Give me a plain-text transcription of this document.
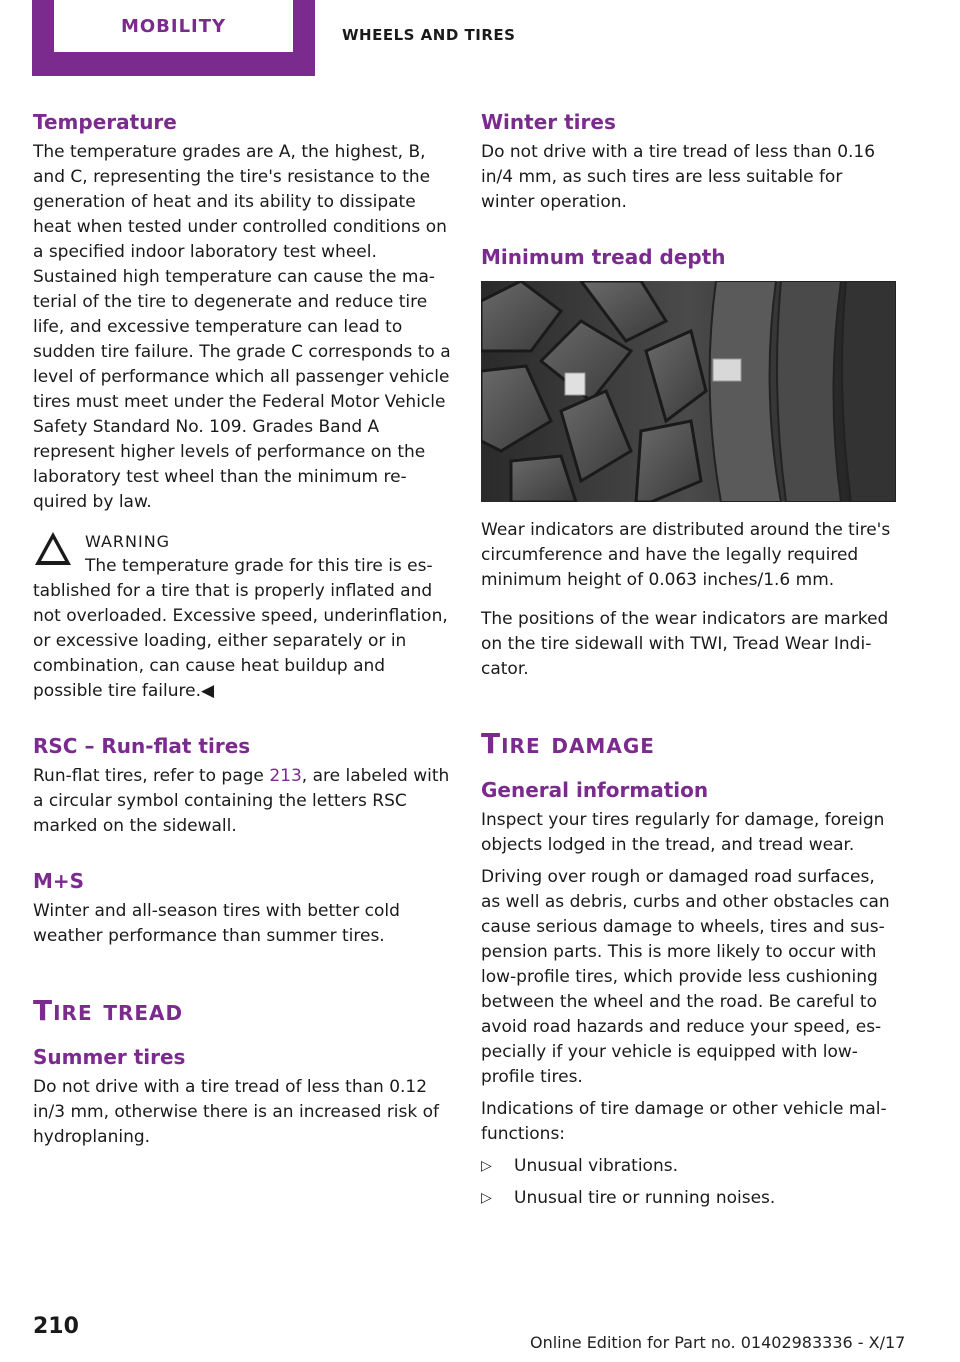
MOBILITY	WHEELS AND TIRES
Temperature

The temperature grades are A, the highest, B, and C, representing the tire's resistance to the generation of heat and its ability to dissipate heat when tested under controlled conditions on a specified indoor laboratory test wheel. Sustained high temperature can cause the material of the tire to degenerate and reduce tire life, and excessive temperature can lead to sudden tire failure. The grade C corresponds to a level of performance which all passenger vehicle tires must meet under the Federal Motor Vehicle Safety Standard No. 109. Grades Band A represent higher levels of performance on the laboratory test wheel than the minimum required by law.

WARNING

The temperature grade for this tire is established for a tire that is properly inflated and not overloaded. Excessive speed, underinflation, or excessive loading, either separately or in combination, can cause heat buildup and possible tire failure.◀

RSC – Run-flat tires

Run-flat tires, refer to page 213, are labeled with a circular symbol containing the letters RSC marked on the sidewall.

M+S

Winter and all-season tires with better cold weather performance than summer tires.

Tire tread
Summer tires

Do not drive with a tire tread of less than 0.12 in/3 mm, otherwise there is an increased risk of hydroplaning.

Winter tires

Do not drive with a tire tread of less than 0.16 in/4 mm, as such tires are less suitable for winter operation.

Minimum tread depth

Wear indicators are distributed around the tire's circumference and have the legally required minimum height of 0.063 inches/1.6 mm.

The positions of the wear indicators are marked on the tire sidewall with TWI, Tread Wear Indicator.

Tire damage
General information

Inspect your tires regularly for damage, foreign objects lodged in the tread, and tread wear.

Driving over rough or damaged road surfaces, as well as debris, curbs and other obstacles can cause serious damage to wheels, tires and suspension parts. This is more likely to occur with low-profile tires, which provide less cushioning between the wheel and the road. Be careful to avoid road hazards and reduce your speed, especially if your vehicle is equipped with low-profile tires.

Indications of tire damage or other vehicle malfunctions:

▷ Unusual vibrations.
▷ Unusual tire or running noises.
210
Online Edition for Part no. 01402983336 - X/17
